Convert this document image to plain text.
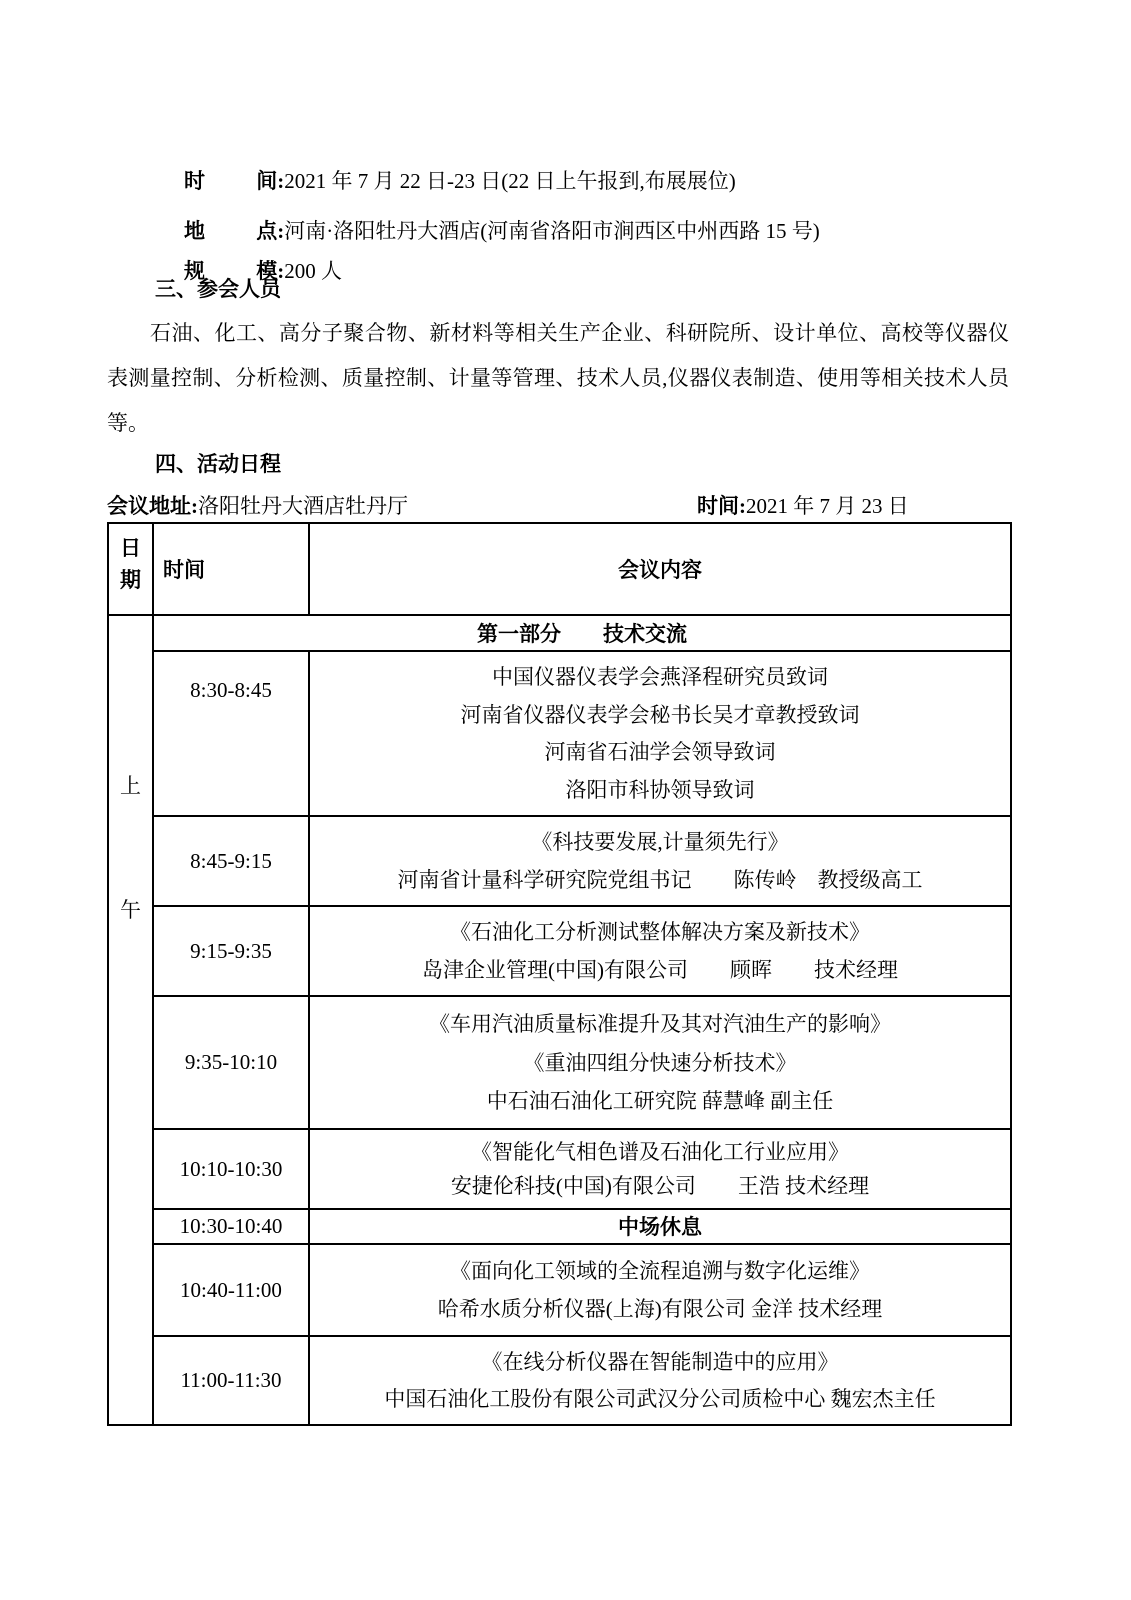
时 间:2021 年 7 月 22 日-23 日(22 日上午报到,布展展位)

地 点:河南·洛阳牡丹大酒店(河南省洛阳市涧西区中州西路 15 号)

规 模:200 人

三、参会人员

石油、化工、高分子聚合物、新材料等相关生产企业、科研院所、设计单位、高校等仪器仪表测量控制、分析检测、质量控制、计量等管理、技术人员,仪器仪表制造、使用等相关技术人员等。

四、活动日程
会议地址:洛阳牡丹大酒店牡丹厅	时间:2021 年 7 月 23 日
日期	时间	会议内容

上
午	第一部分　　技术交流	
	8:30-8:45	中国仪器仪表学会燕泽程研究员致词
河南省仪器仪表学会秘书长吴才章教授致词
河南省石油学会领导致词
洛阳市科协领导致词

	8:45-9:15	《科技要发展,计量须先行》
河南省计量科学研究院党组书记　　陈传岭　教授级高工

	9:15-9:35	《石油化工分析测试整体解决方案及新技术》
岛津企业管理(中国)有限公司　　顾晖　　技术经理

	9:35-10:10	《车用汽油质量标准提升及其对汽油生产的影响》
《重油四组分快速分析技术》
中石油石油化工研究院 薛慧峰 副主任

	10:10-10:30	《智能化气相色谱及石油化工行业应用》
安捷伦科技(中国)有限公司　　王浩 技术经理

	10:30-10:40	中场休息

	10:40-11:00	《面向化工领域的全流程追溯与数字化运维》
哈希水质分析仪器(上海)有限公司 金洋 技术经理

	11:00-11:30	《在线分析仪器在智能制造中的应用》
中国石油化工股份有限公司武汉分公司质检中心 魏宏杰主任
